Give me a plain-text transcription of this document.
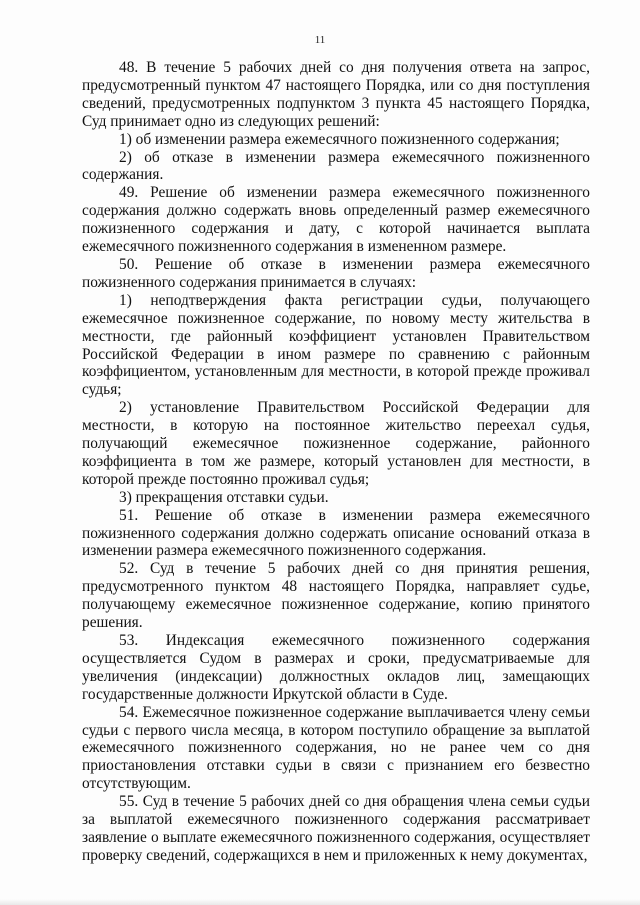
11

48. В течение 5 рабочих дней со дня получения ответа на запрос, предусмотренный пунктом 47 настоящего Порядка, или со дня поступления сведений, предусмотренных подпунктом 3 пункта 45 настоящего Порядка, Суд принимает одно из следующих решений:

1) об изменении размера ежемесячного пожизненного содержания;

2) об отказе в изменении размера ежемесячного пожизненного содержания.

49. Решение об изменении размера ежемесячного пожизненного содержания должно содержать вновь определенный размер ежемесячного пожизненного содержания и дату, с которой начинается выплата ежемесячного пожизненного содержания в измененном размере.

50. Решение об отказе в изменении размера ежемесячного пожизненного содержания принимается в случаях:

1) неподтверждения факта регистрации судьи, получающего ежемесячное пожизненное содержание, по новому месту жительства в местности, где районный коэффициент установлен Правительством Российской Федерации в ином размере по сравнению с районным коэффициентом, установленным для местности, в которой прежде проживал судья;

2) установление Правительством Российской Федерации для местности, в которую на постоянное жительство переехал судья, получающий ежемесячное пожизненное содержание, районного коэффициента в том же размере, который установлен для местности, в которой прежде постоянно проживал судья;

3) прекращения отставки судьи.

51. Решение об отказе в изменении размера ежемесячного пожизненного содержания должно содержать описание оснований отказа в изменении размера ежемесячного пожизненного содержания.

52. Суд в течение 5 рабочих дней со дня принятия решения, предусмотренного пунктом 48 настоящего Порядка, направляет судье, получающему ежемесячное пожизненное содержание, копию принятого решения.

53. Индексация ежемесячного пожизненного содержания осуществляется Судом в размерах и сроки, предусматриваемые для увеличения (индексации) должностных окладов лиц, замещающих государственные должности Иркутской области в Суде.

54. Ежемесячное пожизненное содержание выплачивается члену семьи судьи с первого числа месяца, в котором поступило обращение за выплатой ежемесячного пожизненного содержания, но не ранее чем со дня приостановления отставки судьи в связи с признанием его безвестно отсутствующим.

55. Суд в течение 5 рабочих дней со дня обращения члена семьи судьи за выплатой ежемесячного пожизненного содержания рассматривает заявление о выплате ежемесячного пожизненного содержания, осуществляет проверку сведений, содержащихся в нем и приложенных к нему документах,
